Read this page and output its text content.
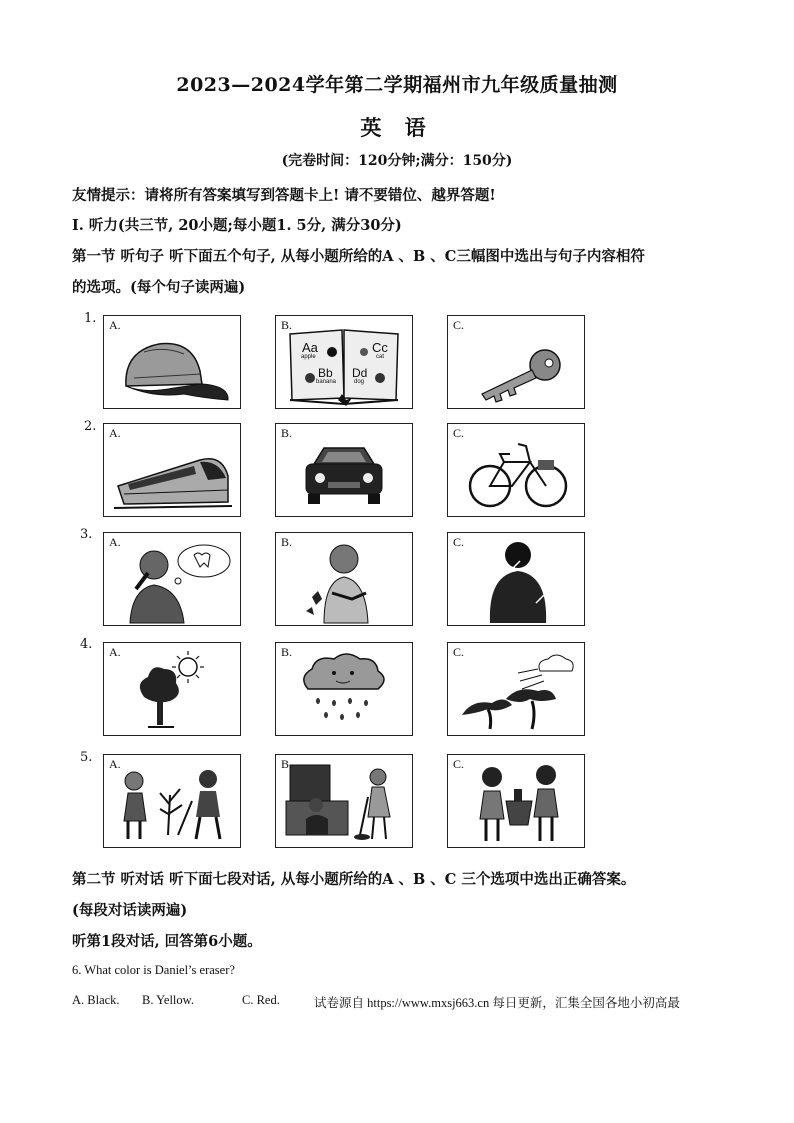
2023—2024学年第二学期福州市九年级质量抽测
英 语
(完卷时间：120分钟;满分：150分)
友情提示：请将所有答案填写到答题卡上! 请不要错位、越界答题!
I. 听力(共三节, 20小题;每小题1. 5分, 满分30分)
第一节 听句子 听下面五个句子, 从每小题所给的A 、B 、C三幅图中选出与句子内容相符
的选项。(每个句子读两遍)
1.
2.
3.
4.
5.
A.	B.
Aa
apple
Cc
cat
Bb
banana
Dd
dog
C.
A.	B.	C.
A.	B.	C.
A.	B.	C.
A.	B.	C.
第二节 听对话 听下面七段对话, 从每小题所给的A 、B 、C 三个选项中选出正确答案。
(每段对话读两遍)
听第1段对话, 回答第6小题。
6. What color is Daniel’s eraser?
A. Black. B. Yellow.	C. Red.	试卷源自 https://www.mxsj663.cn 每日更新，汇集全国各地小初高最
